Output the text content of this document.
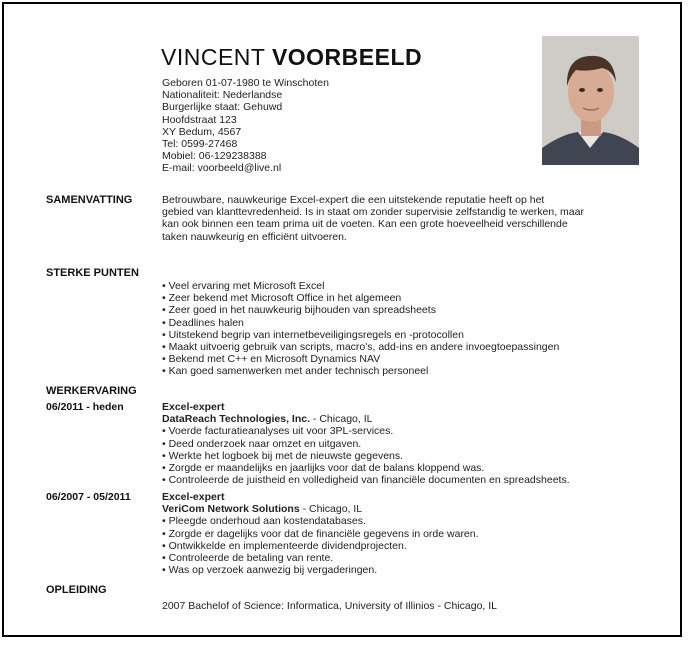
VINCENT VOORBEELD
Geboren 01-07-1980 te Winschoten
Nationaliteit: Nederlandse
Burgerlijke staat: Gehuwd
Hoofdstraat 123
XY Bedum, 4567
Tel: 0599-27468
Mobiel: 06-129238388
E-mail: voorbeeld@live.nl
SAMENVATTING	Betrouwbare, nauwkeurige Excel-expert die een uitstekende reputatie heeft op het
gebied van klanttevredenheid. Is in staat om zonder supervisie zelfstandig te werken, maar
kan ook binnen een team prima uit de voeten. Kan een grote hoeveelheid verschillende
taken nauwkeurig en efficiënt uitvoeren.
STERKE PUNTEN
• Veel ervaring met Microsoft Excel
• Zeer bekend met Microsoft Office in het algemeen
• Zeer goed in het nauwkeurig bijhouden van spreadsheets
• Deadlines halen
• Uitstekend begrip van internetbeveiligingsregels en -protocollen
• Maakt uitvoerig gebruik van scripts, macro's, add-ins en andere invoegtoepassingen
• Bekend met C++ en Microsoft Dynamics NAV
• Kan goed samenwerken met ander technisch personeel
WERKERVARING
06/2011 - heden	Excel-expert
DataReach Technologies, Inc. - Chicago, IL
• Voerde facturatieanalyses uit voor 3PL-services.
• Deed onderzoek naar omzet en uitgaven.
• Werkte het logboek bij met de nieuwste gegevens.
• Zorgde er maandelijks en jaarlijks voor dat de balans kloppend was.
• Controleerde de juistheid en volledigheid van financiële documenten en spreadsheets.
06/2007 - 05/2011	Excel-expert
VeriCom Network Solutions - Chicago, IL
• Pleegde onderhoud aan kostendatabases.
• Zorgde er dagelijks voor dat de financiële gegevens in orde waren.
• Ontwikkelde en implementeerde dividendprojecten.
• Controleerde de betaling van rente.
• Was op verzoek aanwezig bij vergaderingen.
OPLEIDING
2007 Bachelof of Science: Informatica, University of Illinios - Chicago, IL
